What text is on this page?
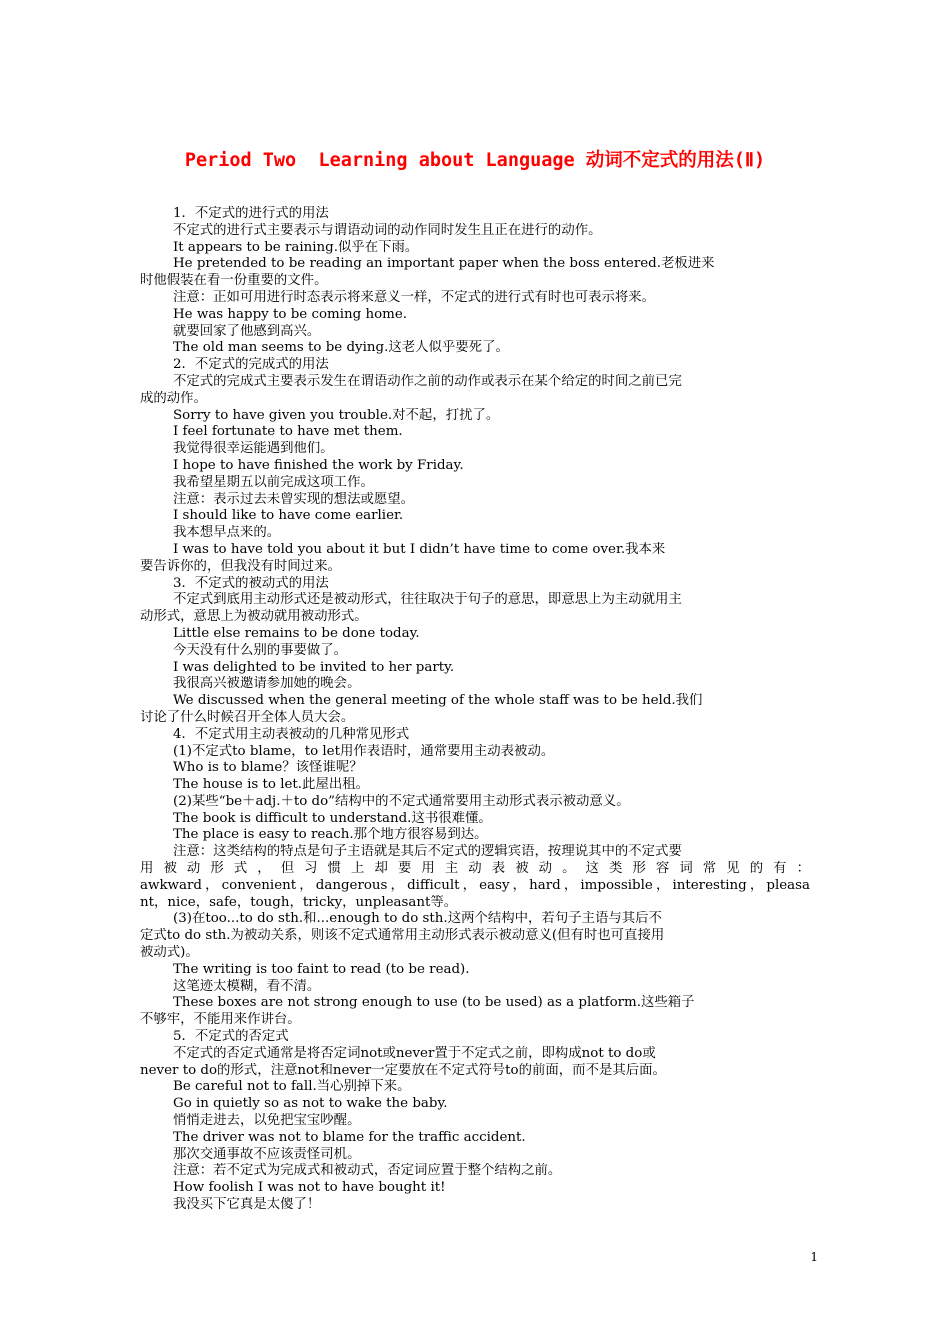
Period Two  Learning about Language 动词不定式的用法(Ⅱ)
1．不定式的进行式的用法
不定式的进行式主要表示与谓语动词的动作同时发生且正在进行的动作。
It appears to be raining.似乎在下雨。
He pretended to be reading an important paper when the boss entered.老板进来
时他假装在看一份重要的文件。
注意：正如可用进行时态表示将来意义一样，不定式的进行式有时也可表示将来。
He was happy to be coming home.
就要回家了他感到高兴。
The old man seems to be dying.这老人似乎要死了。
2．不定式的完成式的用法
不定式的完成式主要表示发生在谓语动作之前的动作或表示在某个给定的时间之前已完
成的动作。
Sorry to have given you trouble.对不起，打扰了。
I feel fortunate to have met them.
我觉得很幸运能遇到他们。
I hope to have finished the work by Friday.
我希望星期五以前完成这项工作。
注意：表示过去未曾实现的想法或愿望。
I should like to have come earlier.
我本想早点来的。
I was to have told you about it but I didn’t have time to come over.我本来
要告诉你的，但我没有时间过来。
3．不定式的被动式的用法
不定式到底用主动形式还是被动形式，往往取决于句子的意思，即意思上为主动就用主
动形式，意思上为被动就用被动形式。
Little else remains to be done today.
今天没有什么别的事要做了。
I was delighted to be invited to her party.
我很高兴被邀请参加她的晚会。
We discussed when the general meeting of the whole staff was to be held.我们
讨论了什么时候召开全体人员大会。
4．不定式用主动表被动的几种常见形式
(1)不定式to blame，to let用作表语时，通常要用主动表被动。
Who is to blame？该怪谁呢？
The house is to let.此屋出租。
(2)某些“be＋adj.＋to do”结构中的不定式通常要用主动形式表示被动意义。
The book is difficult to understand.这书很难懂。
The place is easy to reach.那个地方很容易到达。
注意：这类结构的特点是句子主语就是其后不定式的逻辑宾语，按理说其中的不定式要
用被动形式，但习惯上却要用主动表被动。这类形容词常见的有：
awkward，convenient，dangerous，difficult，easy，hard，impossible，interesting，pleasa
nt，nice，safe，tough，tricky，unpleasant等。
(3)在too...to do sth.和...enough to do sth.这两个结构中，若句子主语与其后不
定式to do sth.为被动关系，则该不定式通常用主动形式表示被动意义(但有时也可直接用
被动式)。
The writing is too faint to read (to be read).
这笔迹太模糊，看不清。
These boxes are not strong enough to use (to be used) as a platform.这些箱子
不够牢，不能用来作讲台。
5．不定式的否定式
不定式的否定式通常是将否定词not或never置于不定式之前，即构成not to do或
never to do的形式，注意not和never一定要放在不定式符号to的前面，而不是其后面。
Be careful not to fall.当心别掉下来。
Go in quietly so as not to wake the baby.
悄悄走进去，以免把宝宝吵醒。
The driver was not to blame for the traffic accident.
那次交通事故不应该责怪司机。
注意：若不定式为完成式和被动式，否定词应置于整个结构之前。
How foolish I was not to have bought it!
我没买下它真是太傻了！
1
